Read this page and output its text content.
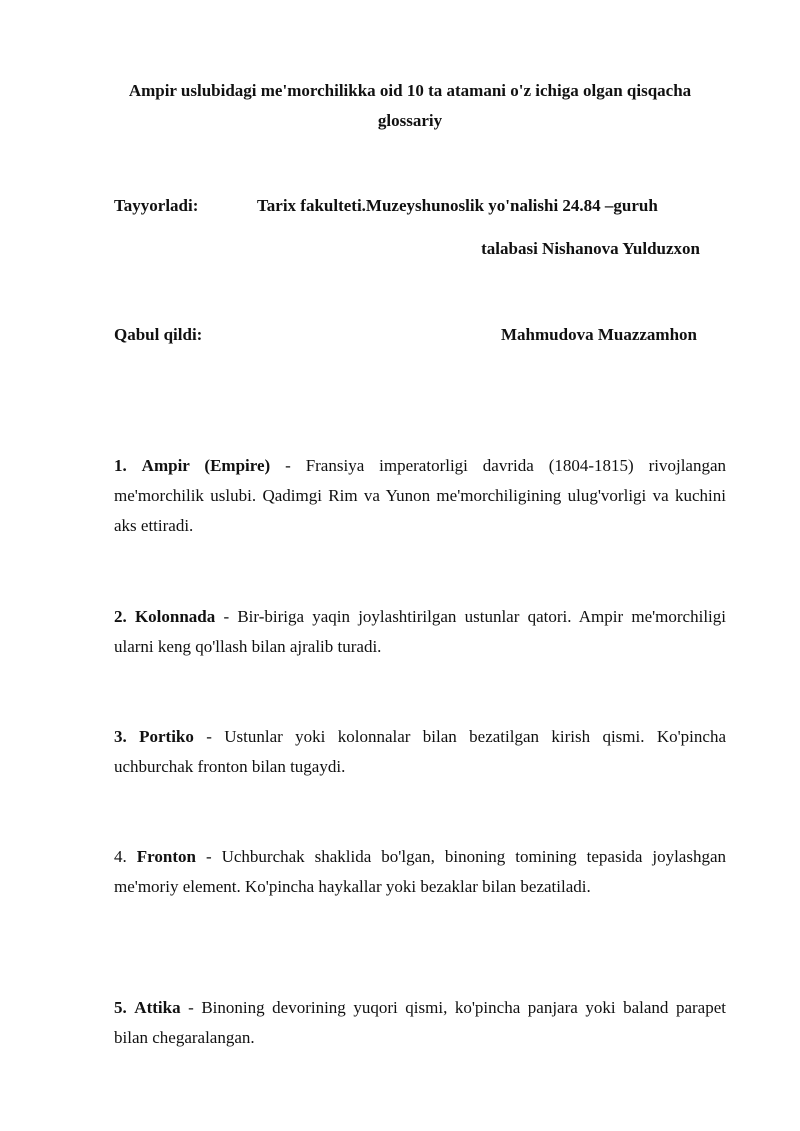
Ampir uslubidagi me'morchilikka oid 10 ta atamani o'z ichiga olgan qisqacha glossariy
Tayyorladi:	Tarix fakulteti.Muzeyshunoslik yo'nalishi 24.84 –guruh
talabasi Nishanova Yulduzxon
Qabul qildi:	Mahmudova Muazzamhon
1. Ampir (Empire) - Fransiya imperatorligi davrida (1804-1815) rivojlangan me'morchilik uslubi. Qadimgi Rim va Yunon me'morchiligining ulug'vorligi va kuchini aks ettiradi.
2. Kolonnada - Bir-biriga yaqin joylashtirilgan ustunlar qatori. Ampir me'morchiligi ularni keng qo'llash bilan ajralib turadi.
3. Portiko - Ustunlar yoki kolonnalar bilan bezatilgan kirish qismi. Ko'pincha uchburchak fronton bilan tugaydi.
4. Fronton - Uchburchak shaklida bo'lgan, binoning tomining tepasida joylashgan me'moriy element. Ko'pincha haykallar yoki bezaklar bilan bezatiladi.
5. Attika - Binoning devorining yuqori qismi, ko'pincha panjara yoki baland parapet bilan chegaralangan.
